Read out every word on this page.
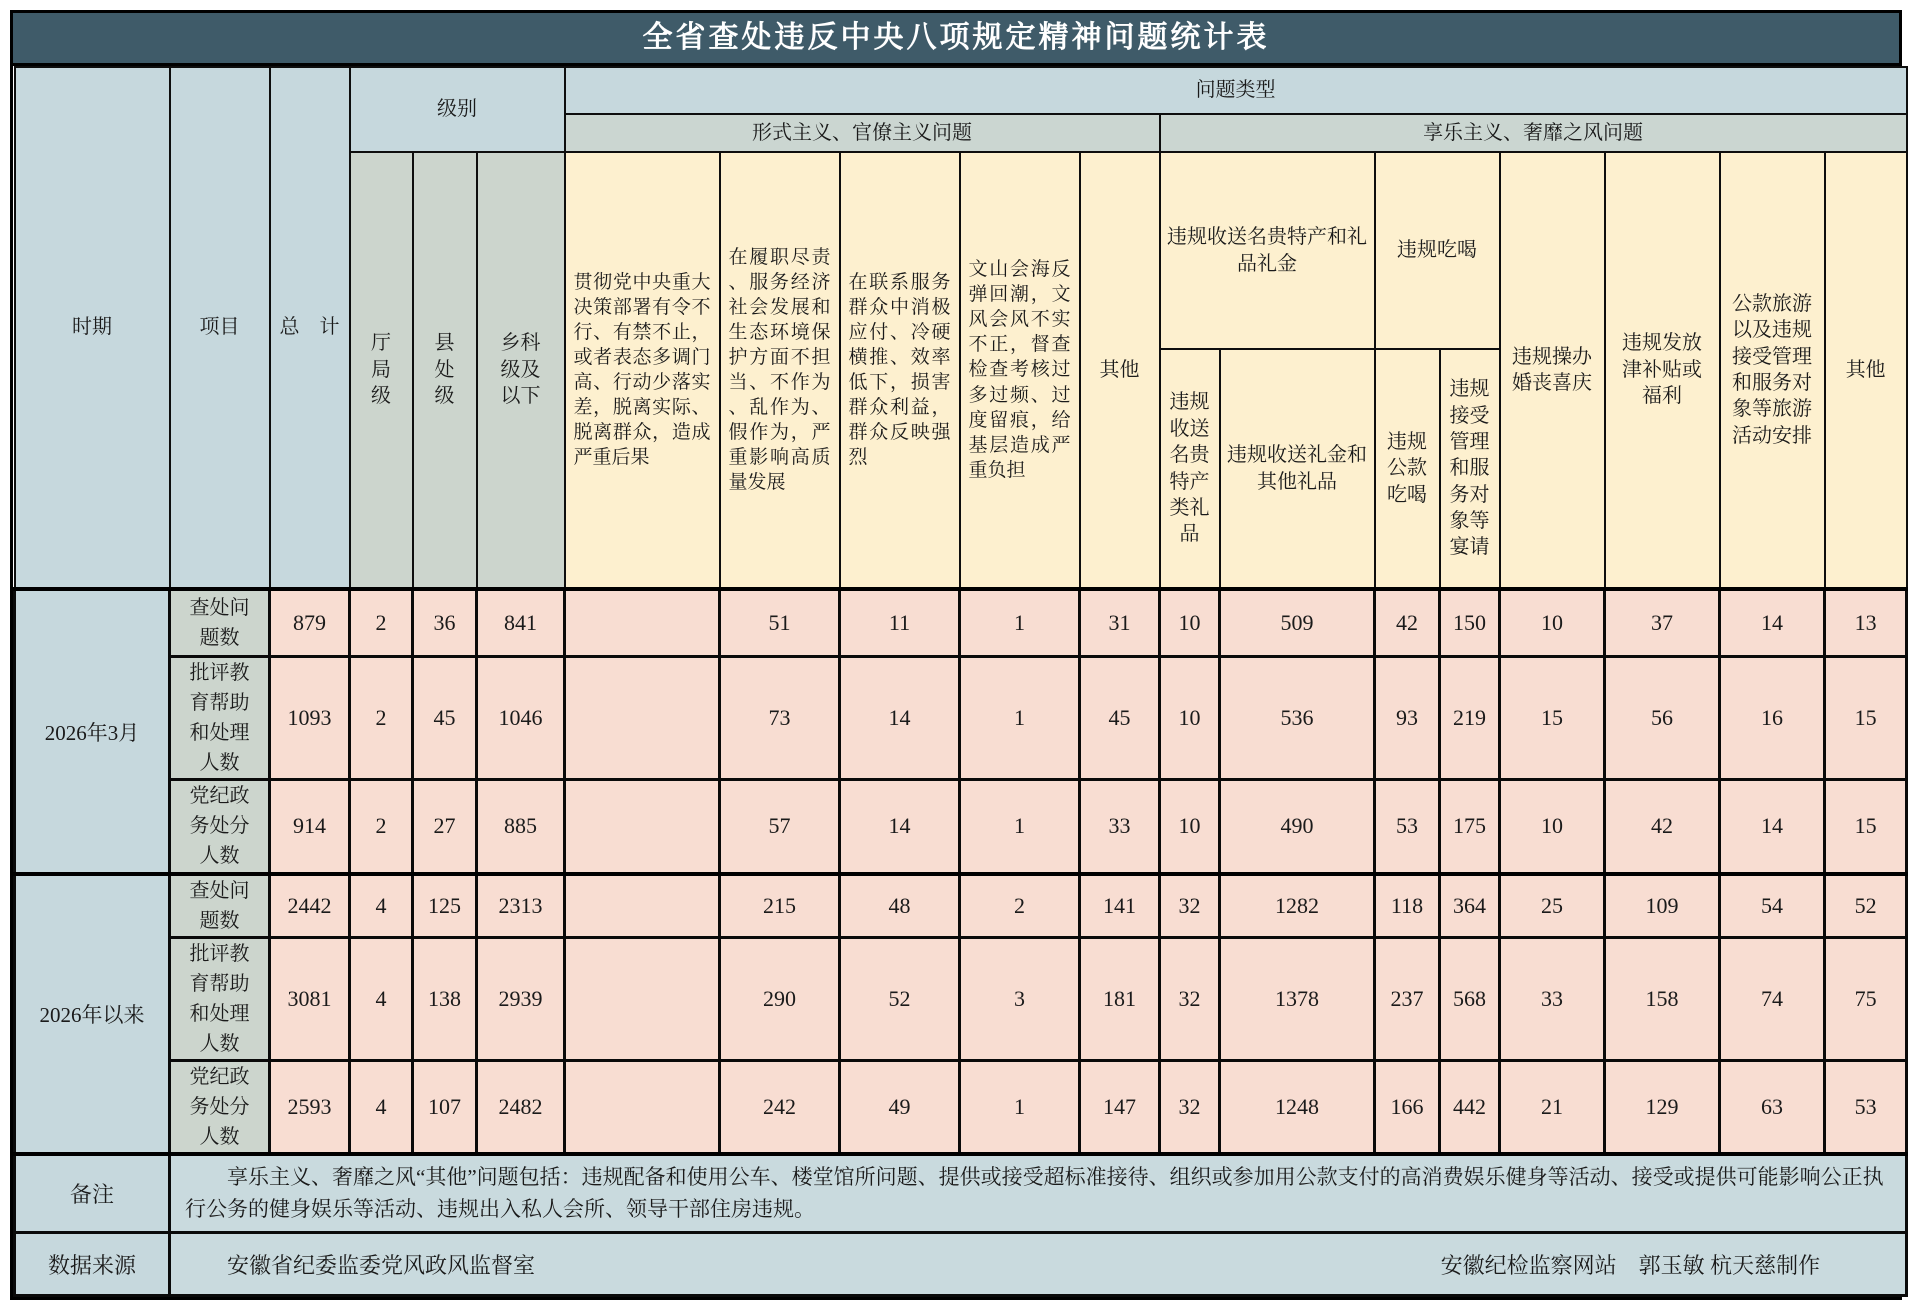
全省查处违反中央八项规定精神问题统计表
时期	项目	总　计	级别			问题类型												
						形式主义、官僚主义问题					享乐主义、奢靡之风问题							
			厅局级	县处级	乡科级及以下	贯彻党中央重大决策部署有令不行、有禁不止，或者表态多调门高、行动少落实差，脱离实际、脱离群众，造成严重后果	在履职尽责、服务经济社会发展和生态环境保护方面不担当、不作为、乱作为、假作为，严重影响高质量发展	在联系服务群众中消极应付、冷硬横推、效率低下，损害群众利益，群众反映强烈	文山会海反弹回潮，文风会风不实不正，督查检查考核过多过频、过度留痕，给基层造成严重负担	其他	违规收送名贵特产和礼品礼金		违规吃喝		违规操办婚丧喜庆	违规发放津补贴或福利	公款旅游以及违规接受管理和服务对象等旅游活动安排	其他
											违规收送名贵特产类礼品	违规收送礼金和其他礼品	违规公款吃喝	违规接受管理和服务对象等宴请				
2026年3月	查处问题数	879	2	36	841		51	11	1	31	10	509	42	150	10	37	14	13
	批评教育帮助和处理人数	1093	2	45	1046		73	14	1	45	10	536	93	219	15	56	16	15
	党纪政务处分人数	914	2	27	885		57	14	1	33	10	490	53	175	10	42	14	15
2026年以来	查处问题数	2442	4	125	2313		215	48	2	141	32	1282	118	364	25	109	54	52
	批评教育帮助和处理人数	3081	4	138	2939		290	52	3	181	32	1378	237	568	33	158	74	75
	党纪政务处分人数	2593	4	107	2482		242	49	1	147	32	1248	166	442	21	129	63	53
备注	享乐主义、奢靡之风“其他”问题包括：违规配备和使用公车、楼堂馆所问题、提供或接受超标准接待、组织或参加用公款支付的高消费娱乐健身等活动、接受或提供可能影响公正执行公务的健身娱乐等活动、违规出入私人会所、领导干部住房违规。																	

数据来源	安徽省纪委监委党风政风监督室 安徽纪检监察网站　郭玉敏 杭天慈制作																	
